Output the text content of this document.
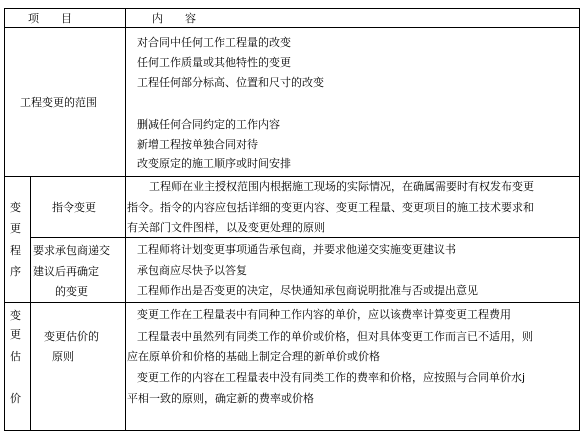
项　　目	内　　容
工程变更的范围
对合同中任何工作工程量的改变
任何工作质量或其他特性的变更
工程任何部分标高、位置和尺寸的改变
删减任何合同约定的工作内容
新增工程按单独合同对待
改变原定的施工顺序或时间安排
变
更
程
序
指令变更
工程师在业主授权范围内根据施工现场的实际情况，在确属需要时有权发布变更
指令。指令的内容应包括详细的变更内容、变更工程量、变更项目的施工技术要求和
有关部门文件图样，以及变更处理的原则
要求承包商递交
建议后再确定
的变更
工程师将计划变更事项通告承包商，并要求他递交实施变更建议书
承包商应尽快予以答复
工程师作出是否变更的决定，尽快通知承包商说明批准与否或提出意见
变
更
估
价
变更估价的
原则
变更工作在工程量表中有同种工作内容的单价，应以该费率计算变更工程费用
工程量表中虽然列有同类工作的单价或价格，但对具体变更工作而言已不适用，则
应在原单价和价格的基础上制定合理的新单价或价格
变更工作的内容在工程量表中没有同类工作的费率和价格，应按照与合同单价水j
平相一致的原则，确定新的费率或价格
